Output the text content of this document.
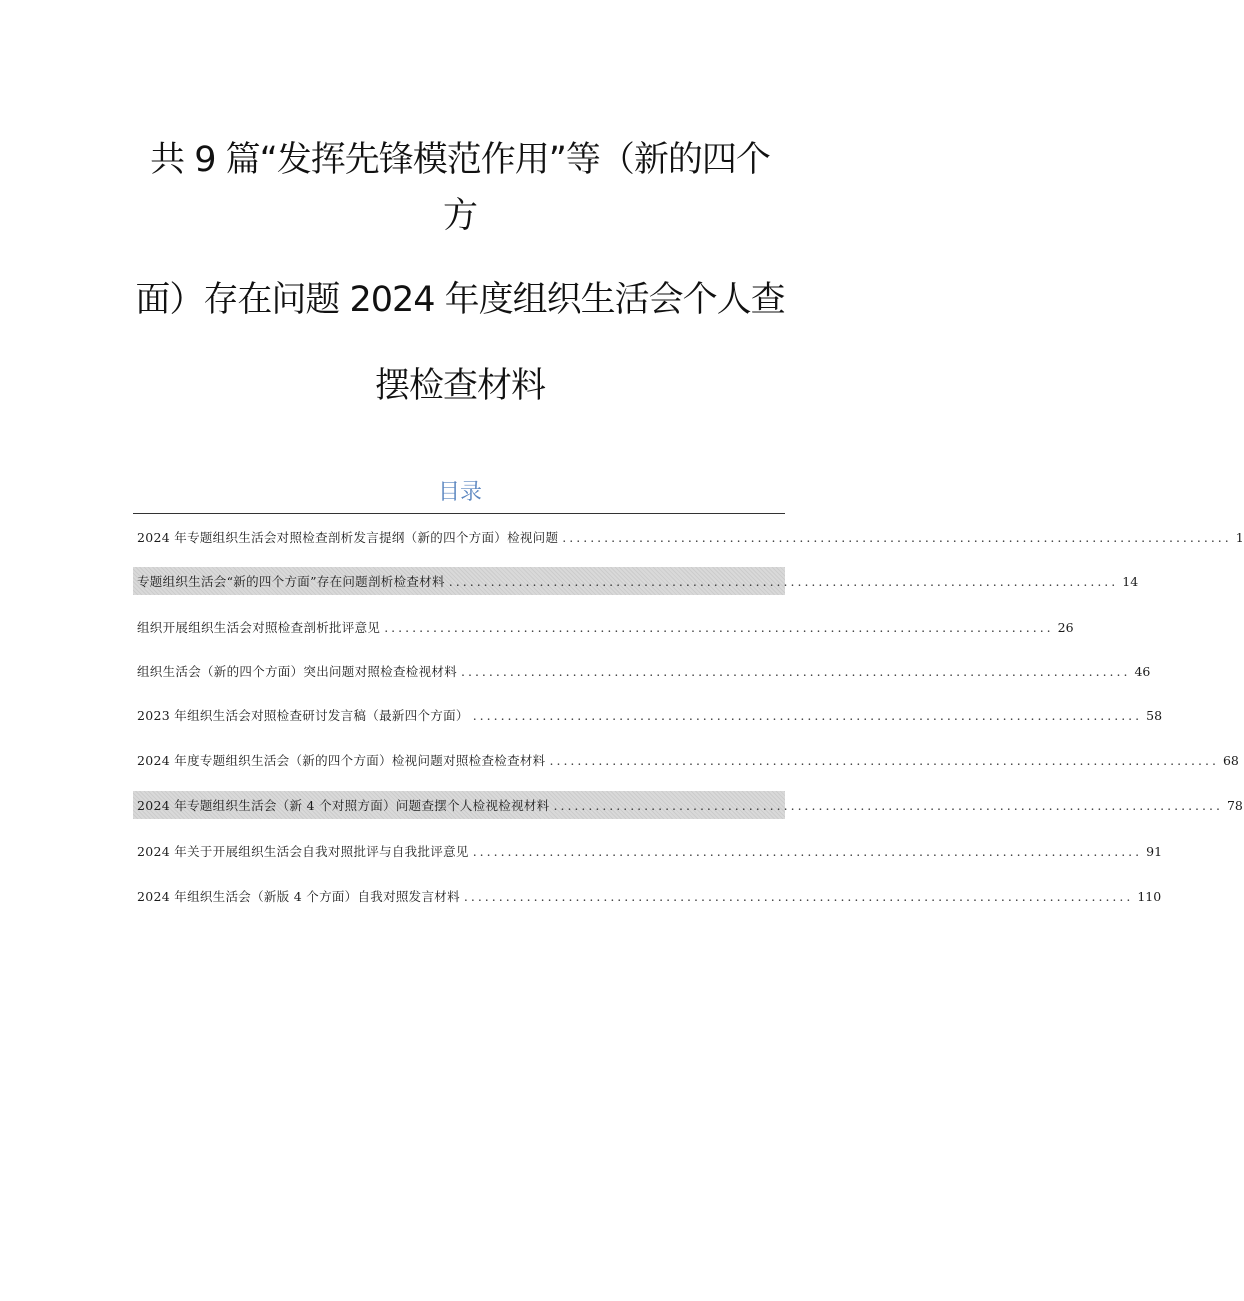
共 9 篇“发挥先锋模范作用”等（新的四个
方
面）存在问题 2024 年度组织生活会个人查
摆检查材料
目录
2024 年专题组织生活会对照检查剖析发言提纲（新的四个方面）检视问题 ................................................................................................ 1
专题组织生活会“新的四个方面”存在问题剖析检查材料 ................................................................................................ 14
组织开展组织生活会对照检查剖析批评意见 ................................................................................................ 26
组织生活会（新的四个方面）突出问题对照检查检视材料 ................................................................................................ 46
2023 年组织生活会对照检查研讨发言稿（最新四个方面） ................................................................................................ 58
2024 年度专题组织生活会（新的四个方面）检视问题对照检查检查材料 ................................................................................................ 68
2024 年专题组织生活会（新 4 个对照方面）问题查摆个人检视检视材料 ................................................................................................ 78
2024 年关于开展组织生活会自我对照批评与自我批评意见 ................................................................................................ 91
2024 年组织生活会（新版 4 个方面）自我对照发言材料 ................................................................................................ 110
